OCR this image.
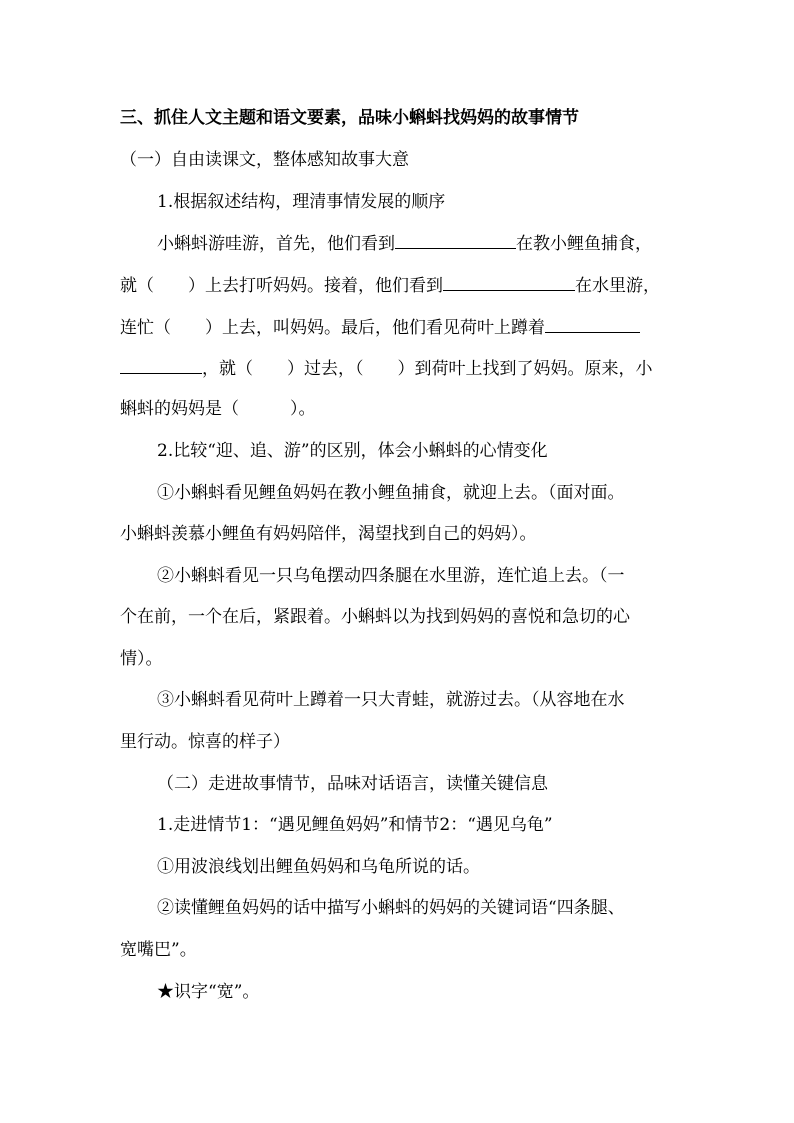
三、抓住人文主题和语文要素，品味小蝌蚪找妈妈的故事情节
（一）自由读课文，整体感知故事大意
1.根据叙述结构，理清事情发展的顺序
小蝌蚪游哇游，首先，他们看到	在教小鲤鱼捕食，
就（　　）上去打听妈妈。接着，他们看到	在水里游，
连忙（　　）上去，叫妈妈。最后，他们看见荷叶上蹲着
，就（　　）过去，（　　）到荷叶上找到了妈妈。原来，小
蝌蚪的妈妈是（　　　）。
2.比较“迎、追、游”的区别，体会小蝌蚪的心情变化
①小蝌蚪看见鲤鱼妈妈在教小鲤鱼捕食，就迎上去。（面对面。
小蝌蚪羡慕小鲤鱼有妈妈陪伴，渴望找到自己的妈妈）。
②小蝌蚪看见一只乌龟摆动四条腿在水里游，连忙追上去。（一
个在前，一个在后，紧跟着。小蝌蚪以为找到妈妈的喜悦和急切的心
情）。
③小蝌蚪看见荷叶上蹲着一只大青蛙，就游过去。（从容地在水
里行动。惊喜的样子）
（二）走进故事情节，品味对话语言，读懂关键信息
1.走进情节1：“遇见鲤鱼妈妈”和情节2：“遇见乌龟”
①用波浪线划出鲤鱼妈妈和乌龟所说的话。
②读懂鲤鱼妈妈的话中描写小蝌蚪的妈妈的关键词语“四条腿、
宽嘴巴”。
★识字“宽”。
